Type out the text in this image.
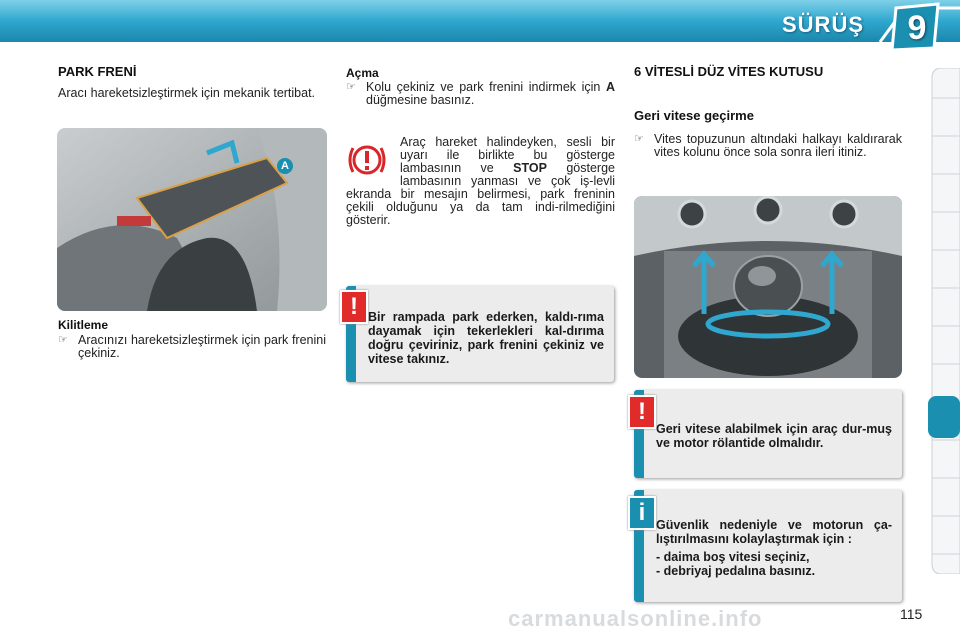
SÜRÜŞ	9
PARK FRENİ
Aracı hareketsizleştirmek için mekanik tertibat.
A
Kilitleme
☞ Aracınızı hareketsizleştirmek için park frenini çekiniz.
Açma
☞ Kolu çekiniz ve park frenini indirmek için A düğmesine basınız.
Araç hareket halindeyken, sesli bir uyarı ile birlikte bu gösterge lambasının ve STOP gösterge lambasının yanması ve çok iş-levli ekranda bir mesajın belirmesi, park freninin çekili olduğunu ya da tam indi-rilmediğini gösterir.
Bir rampada park ederken, kaldı-rıma dayamak için tekerlekleri kal-dırıma doğru çeviriniz, park frenini çekiniz ve vitese takınız.
!
6 VİTESLİ DÜZ VİTES KUTUSU
Geri vitese geçirme
☞ Vites topuzunun altındaki halkayı kaldırarak vites kolunu önce sola sonra ileri itiniz.
Geri vitese alabilmek için araç dur-muş ve motor rölantide olmalıdır.
!
Güvenlik nedeniyle ve motorun ça-lıştırılmasını kolaylaştırmak için :
- daima boş vitesi seçiniz,
- debriyaj pedalına basınız.
i
115
carmanualsonline.info
